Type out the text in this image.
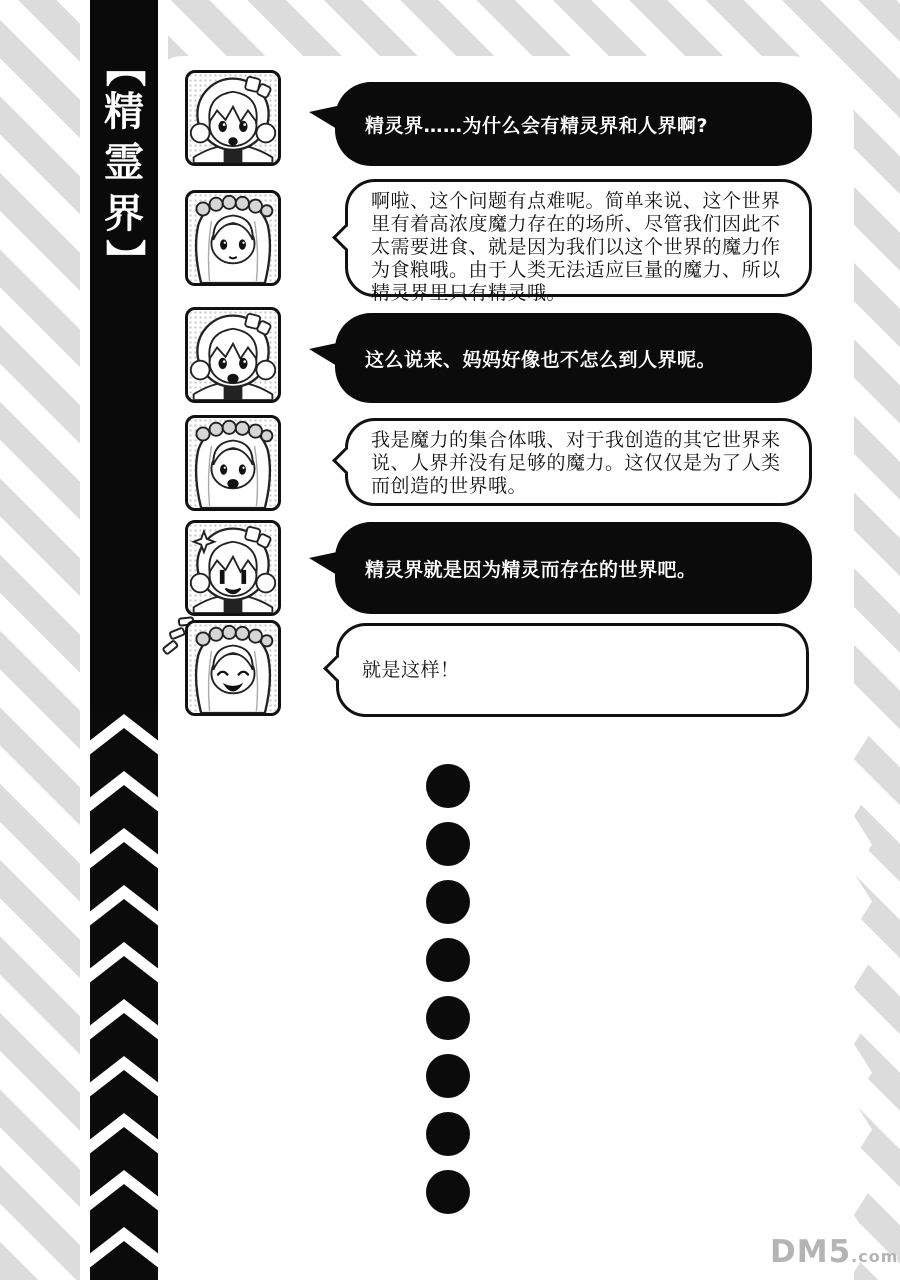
【
精
霊
界
】

精灵界……为什么会有精灵界和人界啊?

啊啦、这个问题有点难呢。简单来说、这个世界里有着高浓度魔力存在的场所、尽管我们因此不太需要进食、就是因为我们以这个世界的魔力作为食粮哦。由于人类无法适应巨量的魔力、所以精灵界里只有精灵哦。

这么说来、妈妈好像也不怎么到人界呢。

我是魔力的集合体哦、对于我创造的其它世界来说、人界并没有足够的魔力。这仅仅是为了人类而创造的世界哦。

精灵界就是因为精灵而存在的世界吧。

就是这样！

DM5 .com
